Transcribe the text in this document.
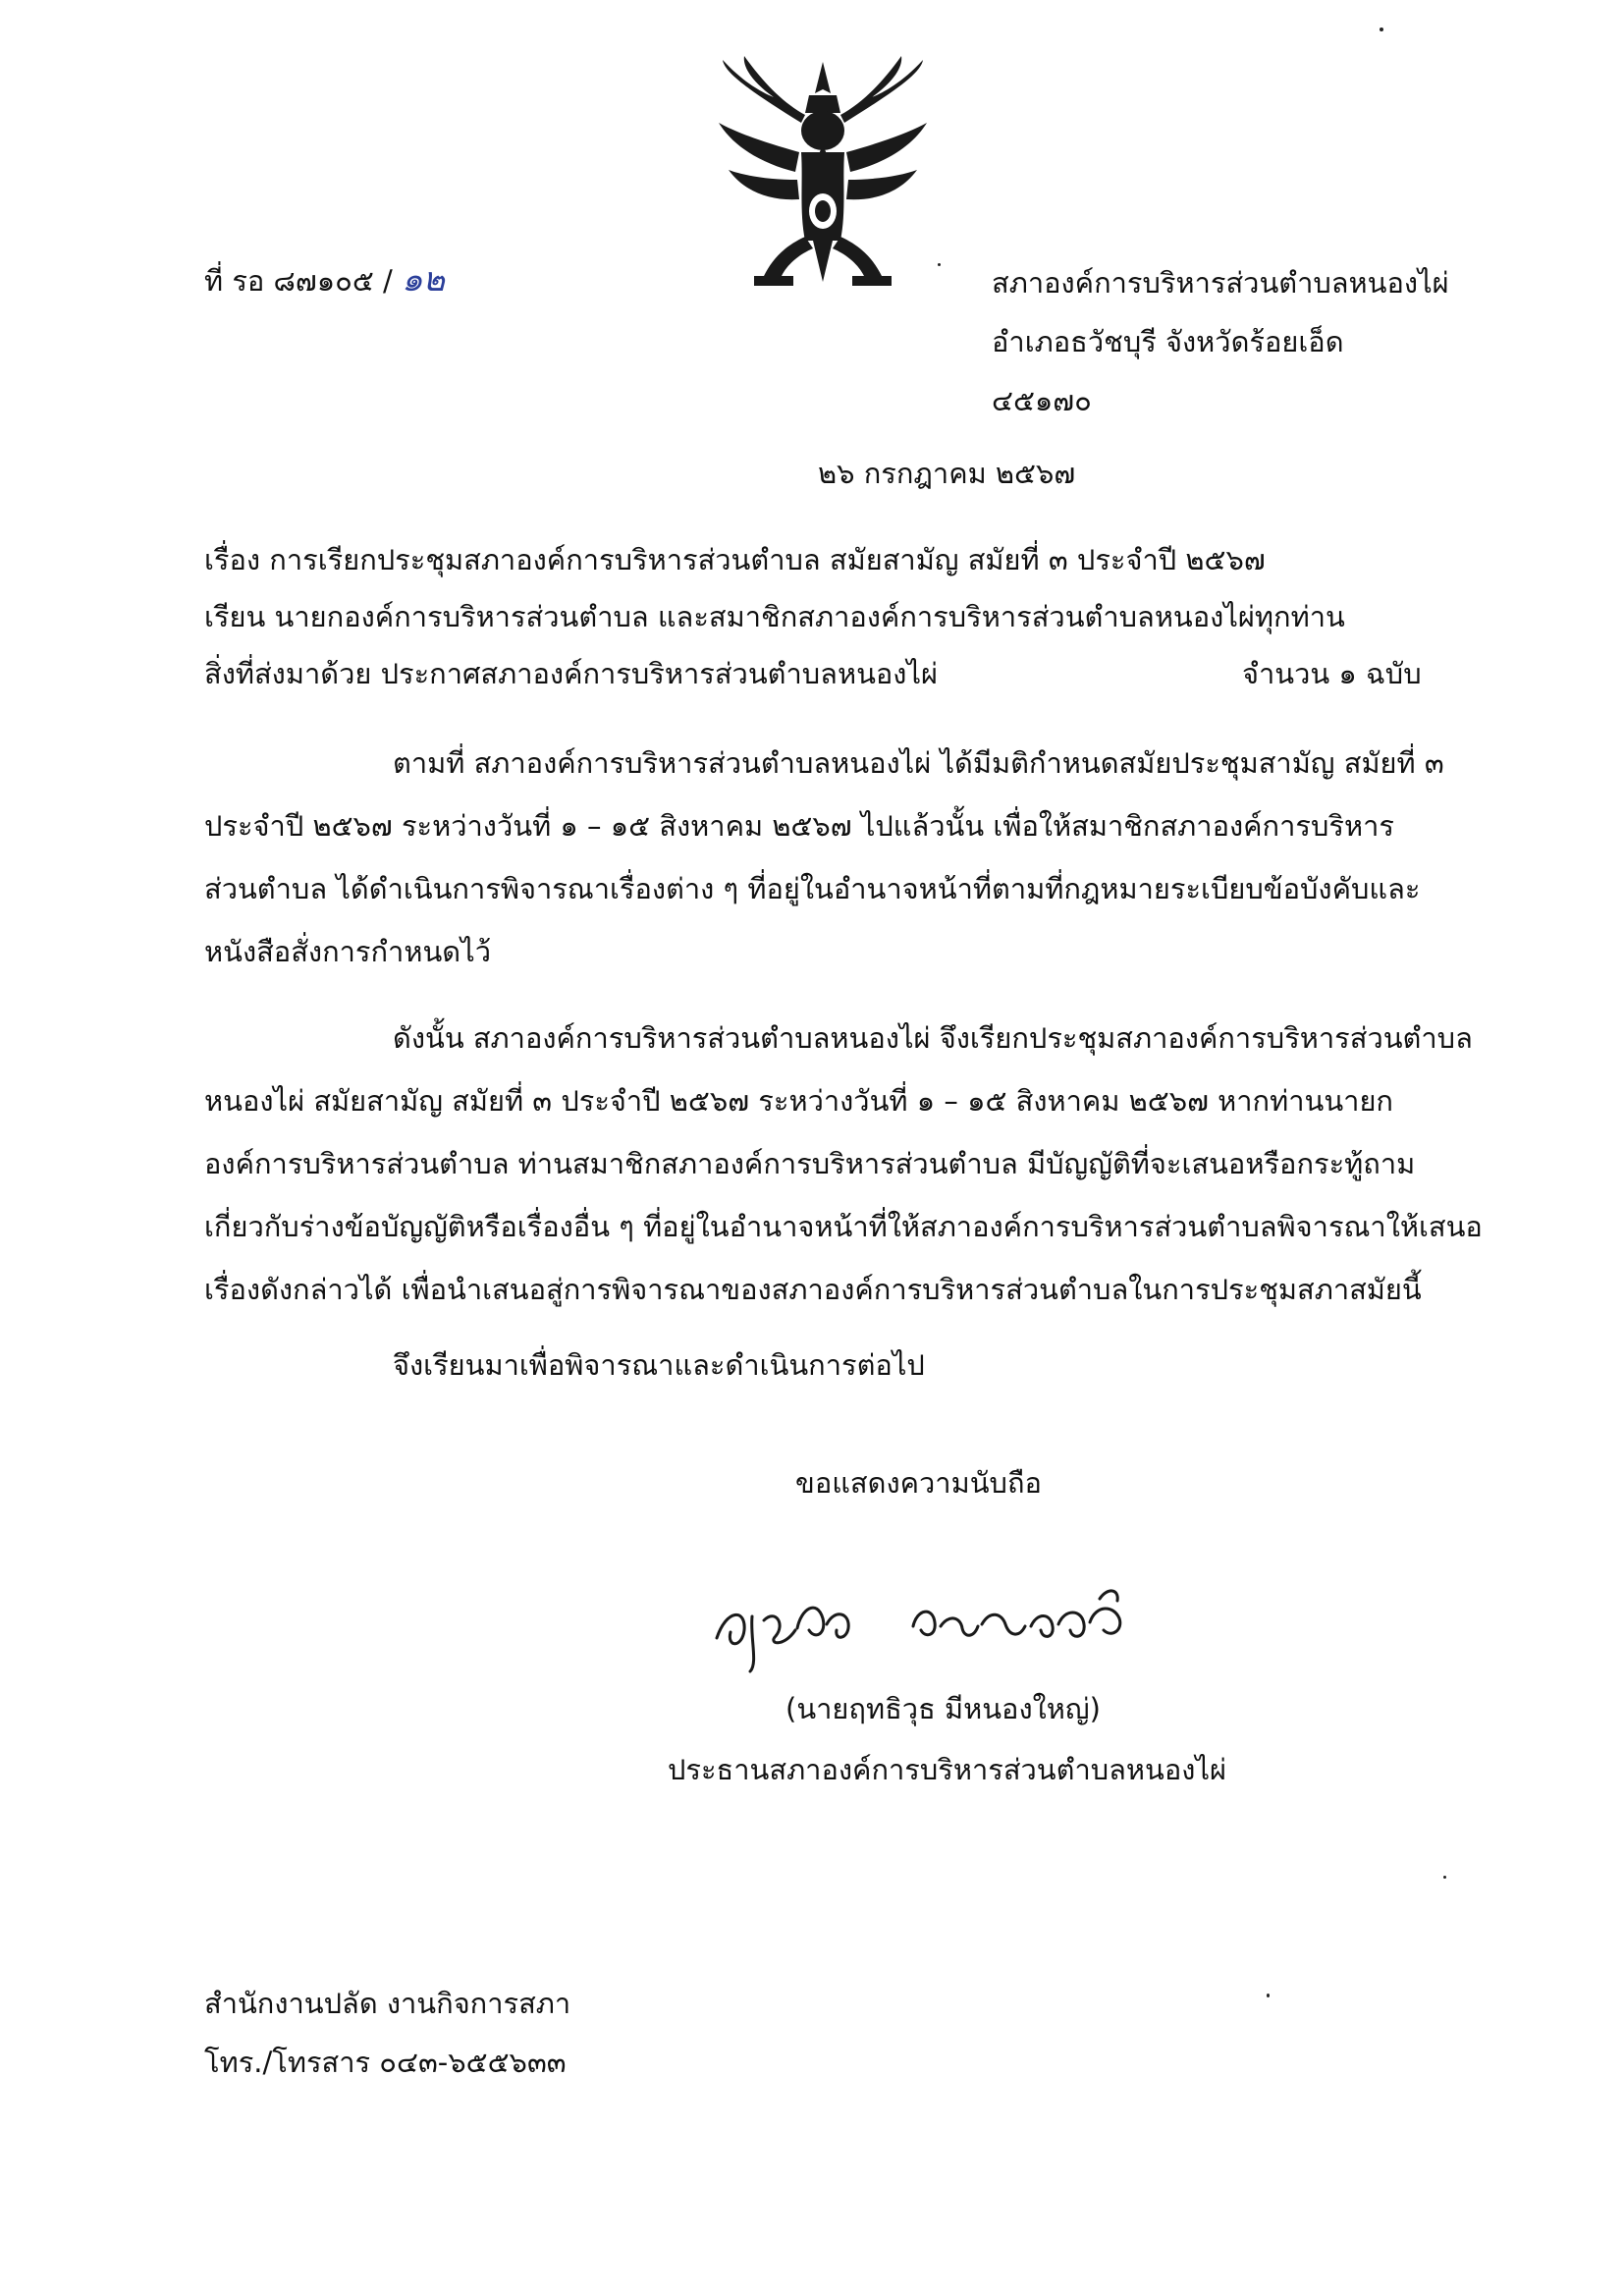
ที่ รอ ๘๗๑๐๕ / ๑๒	สภาองค์การบริหารส่วนตำบลหนองไผ่
อำเภอธวัชบุรี จังหวัดร้อยเอ็ด
๔๕๑๗๐
๒๖ กรกฎาคม ๒๕๖๗
เรื่อง การเรียกประชุมสภาองค์การบริหารส่วนตำบล สมัยสามัญ สมัยที่ ๓ ประจำปี ๒๕๖๗
เรียน นายกองค์การบริหารส่วนตำบล และสมาชิกสภาองค์การบริหารส่วนตำบลหนองไผ่ทุกท่าน
สิ่งที่ส่งมาด้วย ประกาศสภาองค์การบริหารส่วนตำบลหนองไผ่	จำนวน ๑ ฉบับ
ตามที่ สภาองค์การบริหารส่วนตำบลหนองไผ่ ได้มีมติกำหนดสมัยประชุมสามัญ สมัยที่ ๓
ประจำปี ๒๕๖๗ ระหว่างวันที่ ๑ – ๑๕ สิงหาคม ๒๕๖๗ ไปแล้วนั้น เพื่อให้สมาชิกสภาองค์การบริหาร
ส่วนตำบล ได้ดำเนินการพิจารณาเรื่องต่าง ๆ ที่อยู่ในอำนาจหน้าที่ตามที่กฎหมายระเบียบข้อบังคับและ
หนังสือสั่งการกำหนดไว้
ดังนั้น สภาองค์การบริหารส่วนตำบลหนองไผ่ จึงเรียกประชุมสภาองค์การบริหารส่วนตำบล
หนองไผ่ สมัยสามัญ สมัยที่ ๓ ประจำปี ๒๕๖๗ ระหว่างวันที่ ๑ – ๑๕ สิงหาคม ๒๕๖๗ หากท่านนายก
องค์การบริหารส่วนตำบล ท่านสมาชิกสภาองค์การบริหารส่วนตำบล มีบัญญัติที่จะเสนอหรือกระทู้ถาม
เกี่ยวกับร่างข้อบัญญัติหรือเรื่องอื่น ๆ ที่อยู่ในอำนาจหน้าที่ให้สภาองค์การบริหารส่วนตำบลพิจารณาให้เสนอ
เรื่องดังกล่าวได้ เพื่อนำเสนอสู่การพิจารณาของสภาองค์การบริหารส่วนตำบลในการประชุมสภาสมัยนี้
จึงเรียนมาเพื่อพิจารณาและดำเนินการต่อไป
ขอแสดงความนับถือ
(นายฤทธิวุธ มีหนองใหญ่)
ประธานสภาองค์การบริหารส่วนตำบลหนองไผ่
สำนักงานปลัด งานกิจการสภา
โทร./โทรสาร ๐๔๓-๖๕๕๖๓๓
